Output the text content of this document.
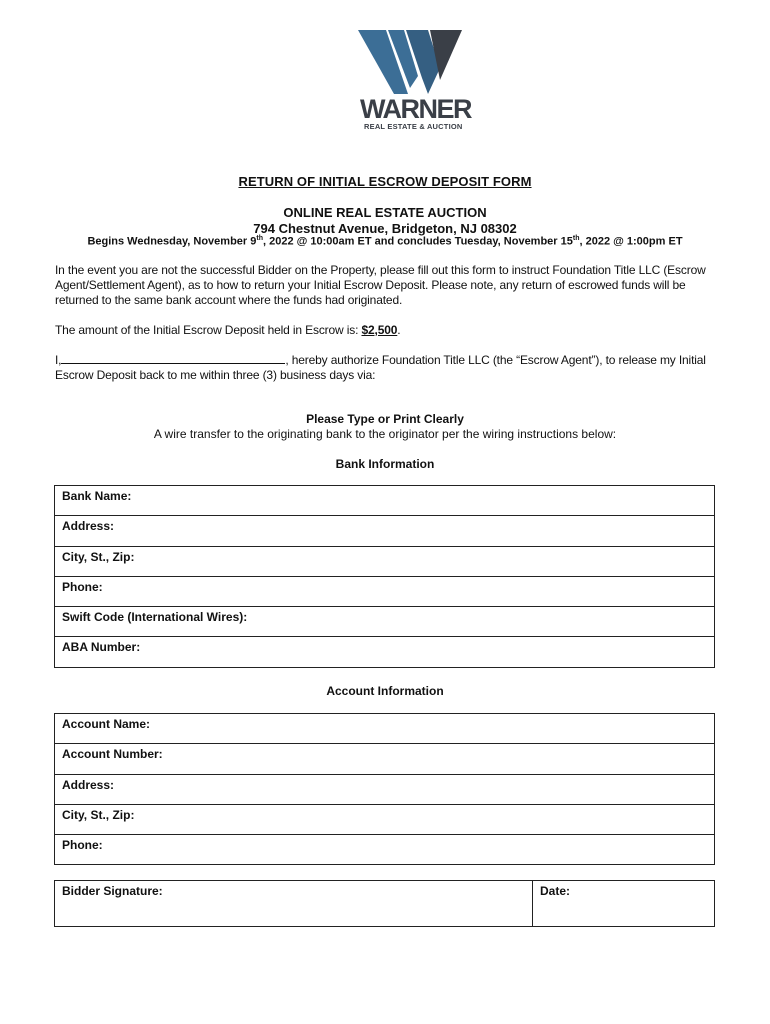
WARNER
REAL ESTATE & AUCTION
RETURN OF INITIAL ESCROW DEPOSIT FORM
ONLINE REAL ESTATE AUCTION
794 Chestnut Avenue, Bridgeton, NJ 08302
Begins Wednesday, November 9th, 2022 @ 10:00am ET and concludes Tuesday, November 15th, 2022 @ 1:00pm ET
In the event you are not the successful Bidder on the Property, please fill out this form to instruct Foundation Title LLC (Escrow Agent/Settlement Agent), as to how to return your Initial Escrow Deposit. Please note, any return of escrowed funds will be returned to the same bank account where the funds had originated.
The amount of the Initial Escrow Deposit held in Escrow is: $2,500.
I,	, hereby authorize Foundation Title LLC (the “Escrow Agent”), to release my Initial Escrow Deposit back to me within three (3) business days via:
Please Type or Print Clearly
A wire transfer to the originating bank to the originator per the wiring instructions below:
Bank Information
Bank Name:
Address:
City, St., Zip:
Phone:
Swift Code (International Wires):
ABA Number:
Account Information
Account Name:
Account Number:
Address:
City, St., Zip:
Phone:
Bidder Signature:	Date:
